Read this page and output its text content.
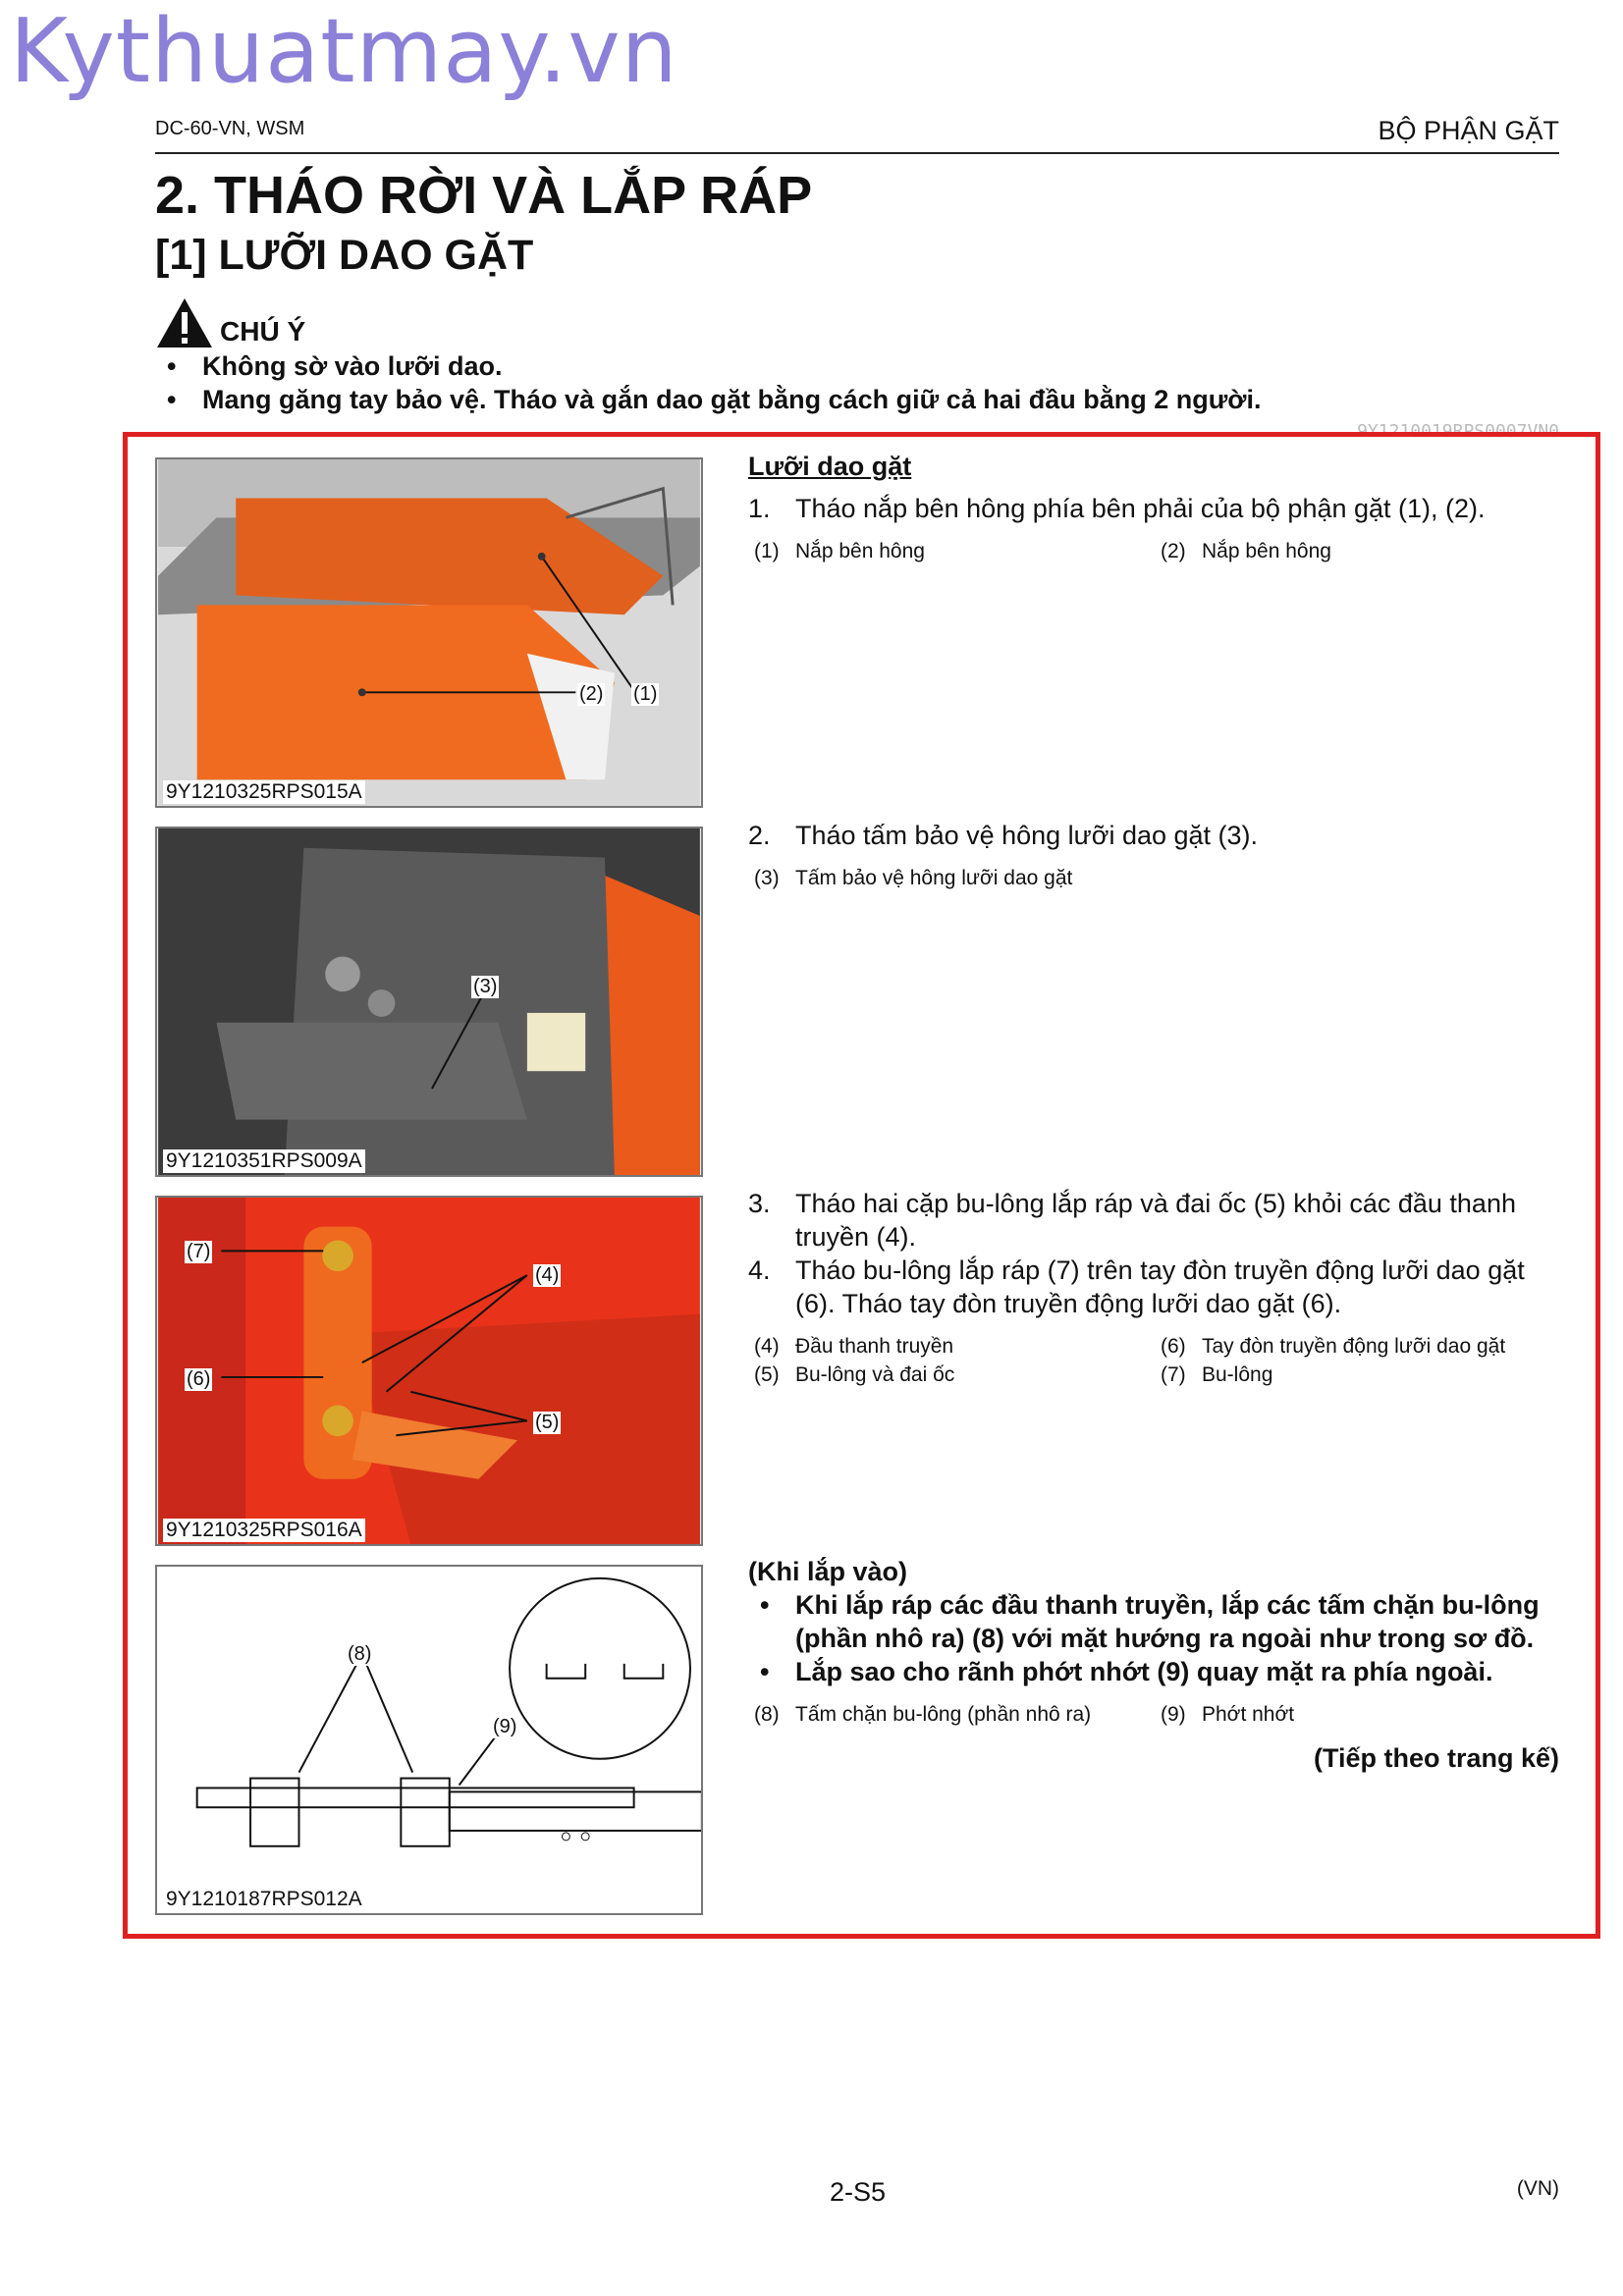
Kythuatmay.vn
DC-60-VN, WSM	BỘ PHẬN GẶT
2. THÁO RỜI VÀ LẮP RÁP
[1] LƯỠI DAO GẶT
CHÚ Ý
• Không sờ vào lưỡi dao.
• Mang găng tay bảo vệ. Tháo và gắn dao gặt bằng cách giữ cả hai đầu bằng 2 người.
9Y1210019RPS0007VN0
(2) (1)
9Y1210325RPS015A
(3)
9Y1210351RPS009A
(7)
(4)
(6)
(5)
9Y1210325RPS016A
(8)
(9)
9Y1210187RPS012A
Lưỡi dao gặt
1. Tháo nắp bên hông phía bên phải của bộ phận gặt (1), (2).
(1) Nắp bên hông	(2) Nắp bên hông
2. Tháo tấm bảo vệ hông lưỡi dao gặt (3).
(3) Tấm bảo vệ hông lưỡi dao gặt
3. Tháo hai cặp bu-lông lắp ráp và đai ốc (5) khỏi các đầu thanh truyền (4).
4. Tháo bu-lông lắp ráp (7) trên tay đòn truyền động lưỡi dao gặt (6). Tháo tay đòn truyền động lưỡi dao gặt (6).
(4) Đầu thanh truyền	(6) Tay đòn truyền động lưỡi dao gặt
(5) Bu-lông và đai ốc	(7) Bu-lông
(Khi lắp vào)
• Khi lắp ráp các đầu thanh truyền, lắp các tấm chặn bu-lông (phần nhô ra) (8) với mặt hướng ra ngoài như trong sơ đồ.
• Lắp sao cho rãnh phớt nhớt (9) quay mặt ra phía ngoài.
(8) Tấm chặn bu-lông (phần nhô ra)	(9) Phớt nhớt
(Tiếp theo trang kế)
2-S5	(VN)
